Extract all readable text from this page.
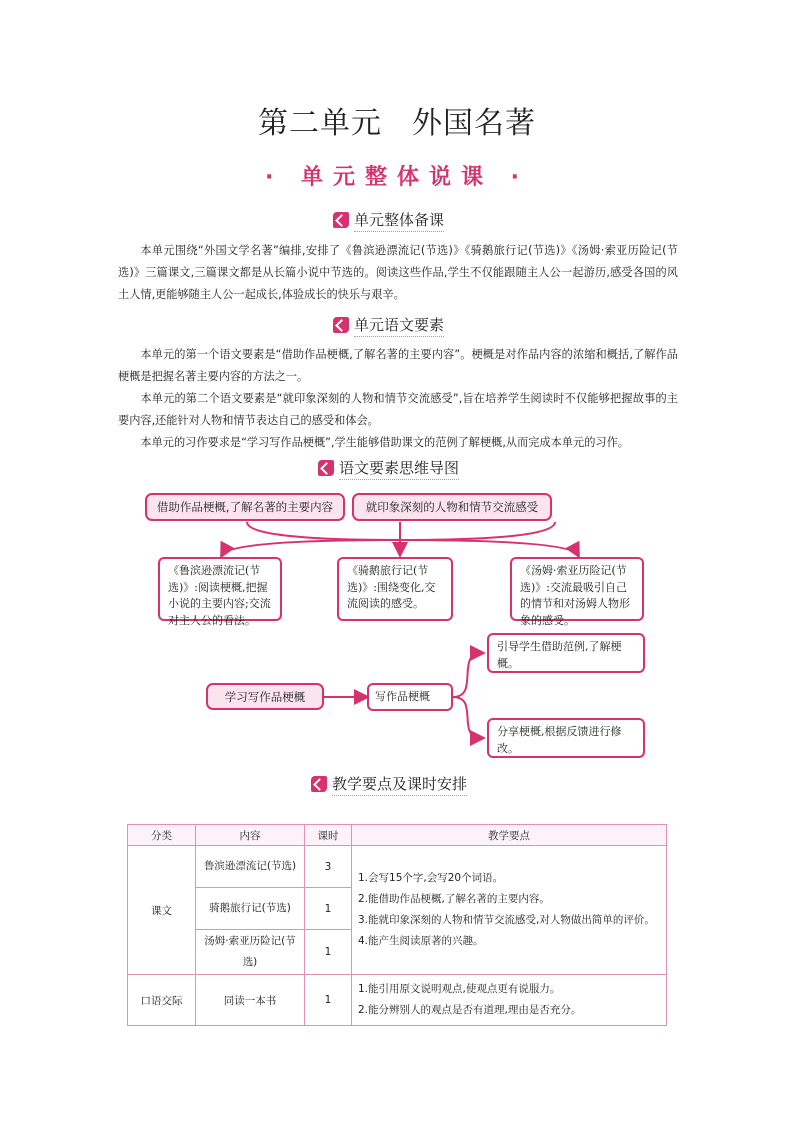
第二单元 外国名著
· 单元整体说课 ·
单元整体备课

本单元围绕“外国文学名著”编排,安排了《鲁滨逊漂流记(节选)》《骑鹅旅行记(节选)》《汤姆·索亚历险记(节选)》三篇课文,三篇课文都是从长篇小说中节选的。阅读这些作品,学生不仅能跟随主人公一起游历,感受各国的风土人情,更能够随主人公一起成长,体验成长的快乐与艰辛。

单元语文要素

本单元的第一个语文要素是“借助作品梗概,了解名著的主要内容”。梗概是对作品内容的浓缩和概括,了解作品梗概是把握名著主要内容的方法之一。

本单元的第二个语文要素是“就印象深刻的人物和情节交流感受”,旨在培养学生阅读时不仅能够把握故事的主要内容,还能针对人物和情节表达自己的感受和体会。

本单元的习作要求是“学习写作品梗概”,学生能够借助课文的范例了解梗概,从而完成本单元的习作。

语文要素思维导图
借助作品梗概,了解名著的主要内容	就印象深刻的人物和情节交流感受
《鲁滨逊漂流记(节选)》:阅读梗概,把握小说的主要内容;交流对主人公的看法。
《骑鹅旅行记(节选)》:围绕变化,交流阅读的感受。
《汤姆·索亚历险记(节选)》:交流最吸引自己的情节和对汤姆人物形象的感受。
学习写作品梗概	写作品梗概
引导学生借助范例,了解梗概。
分享梗概,根据反馈进行修改。
教学要点及课时安排
分类	内容	课时	教学要点
课文	鲁滨逊漂流记(节选)	3	1.会写15个字,会写20个词语。
2.能借助作品梗概,了解名著的主要内容。
3.能就印象深刻的人物和情节交流感受,对人物做出简单的评价。
4.能产生阅读原著的兴趣。

	骑鹅旅行记(节选)	1	
	汤姆·索亚历险记(节选)	1	
口语交际	同读一本书	1	1.能引用原文说明观点,使观点更有说服力。
2.能分辨别人的观点是否有道理,理由是否充分。
